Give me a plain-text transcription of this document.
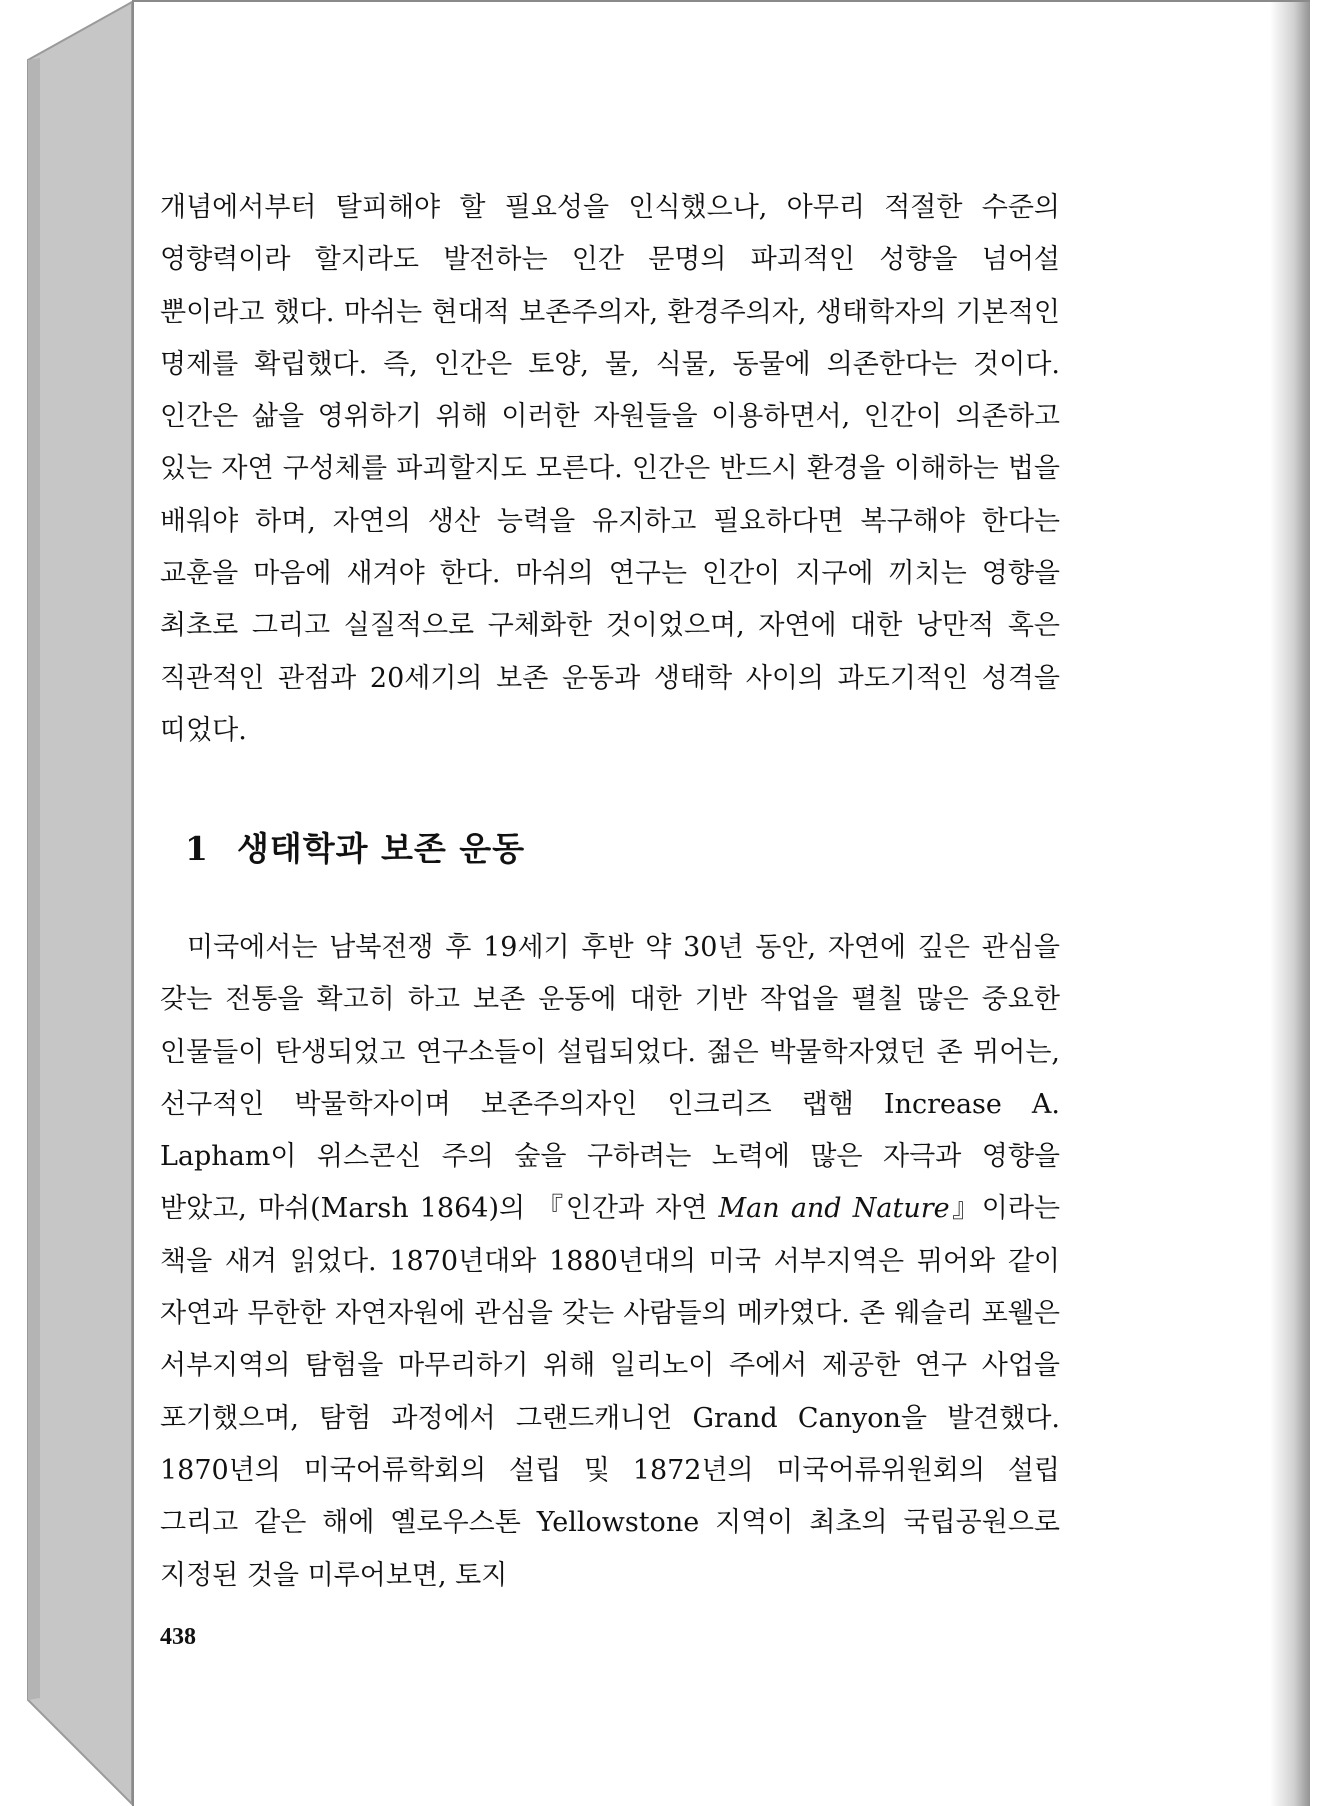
개념에서부터 탈피해야 할 필요성을 인식했으나, 아무리 적절한 수준의 영향력이라 할지라도 발전하는 인간 문명의 파괴적인 성향을 넘어설 뿐이라고 했다. 마쉬는 현대적 보존주의자, 환경주의자, 생태학자의 기본적인 명제를 확립했다. 즉, 인간은 토양, 물, 식물, 동물에 의존한다는 것이다. 인간은 삶을 영위하기 위해 이러한 자원들을 이용하면서, 인간이 의존하고 있는 자연 구성체를 파괴할지도 모른다. 인간은 반드시 환경을 이해하는 법을 배워야 하며, 자연의 생산 능력을 유지하고 필요하다면 복구해야 한다는 교훈을 마음에 새겨야 한다. 마쉬의 연구는 인간이 지구에 끼치는 영향을 최초로 그리고 실질적으로 구체화한 것이었으며, 자연에 대한 낭만적 혹은 직관적인 관점과 20세기의 보존 운동과 생태학 사이의 과도기적인 성격을 띠었다.

1 생태학과 보존 운동

미국에서는 남북전쟁 후 19세기 후반 약 30년 동안, 자연에 깊은 관심을 갖는 전통을 확고히 하고 보존 운동에 대한 기반 작업을 펼칠 많은 중요한 인물들이 탄생되었고 연구소들이 설립되었다. 젊은 박물학자였던 존 뮈어는, 선구적인 박물학자이며 보존주의자인 인크리즈 랩햄 Increase A. Lapham이 위스콘신 주의 숲을 구하려는 노력에 많은 자극과 영향을 받았고, 마쉬(Marsh 1864)의 『인간과 자연 Man and Nature』이라는 책을 새겨 읽었다. 1870년대와 1880년대의 미국 서부지역은 뮈어와 같이 자연과 무한한 자연자원에 관심을 갖는 사람들의 메카였다. 존 웨슬리 포웰은 서부지역의 탐험을 마무리하기 위해 일리노이 주에서 제공한 연구 사업을 포기했으며, 탐험 과정에서 그랜드캐니언 Grand Canyon을 발견했다. 1870년의 미국어류학회의 설립 및 1872년의 미국어류위원회의 설립 그리고 같은 해에 옐로우스톤 Yellowstone 지역이 최초의 국립공원으로 지정된 것을 미루어보면, 토지

438
